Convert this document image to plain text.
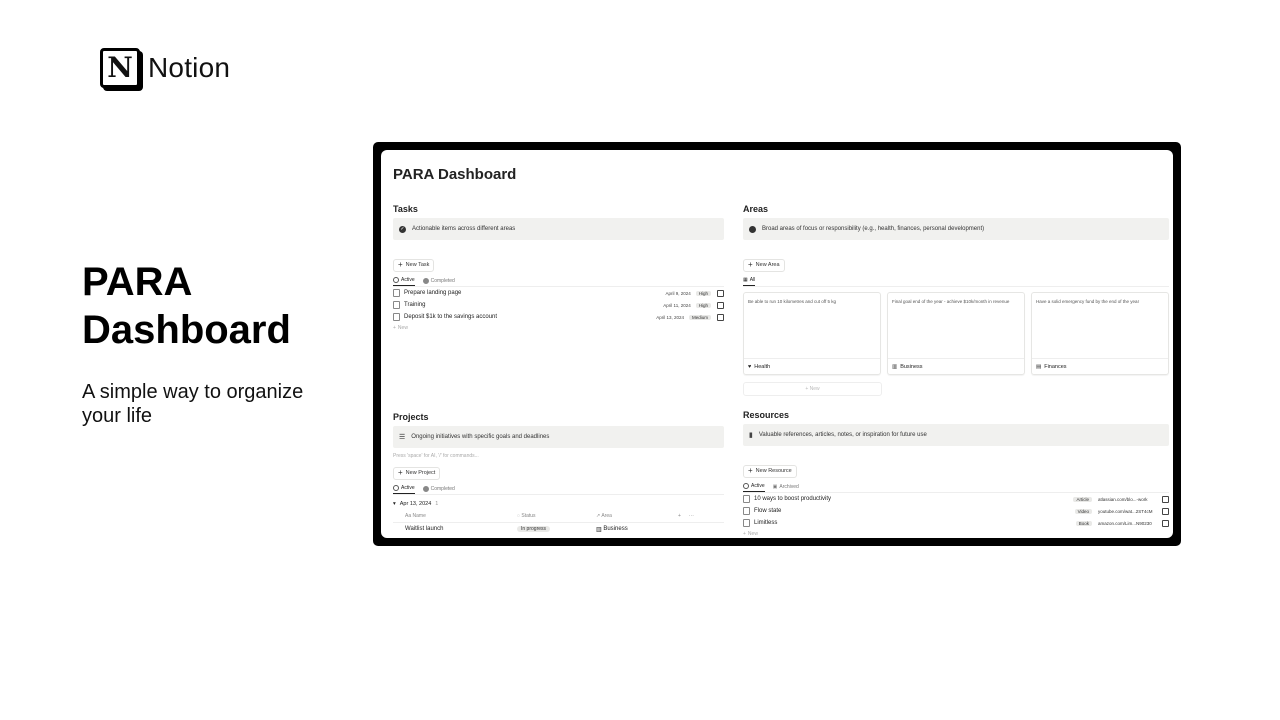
N Notion
PARA Dashboard

A simple way to organize your life

PARA Dashboard
Tasks
✓ Actionable items across different areas
+ New Task
Active	Completed
Prepare landing page	April 9, 2024	High
Training	April 11, 2024	High
Deposit $1k to the savings account	April 13, 2024	Medium
+ New
Areas
Broad areas of focus or responsibility (e.g., health, finances, personal development)
+ New Area
▦ All
Be able to run 10 kilometres and cut off 5 kg
♥ Health
Final goal end of the year - achieve $10k/month in revenue
▥ Business
Have a solid emergency fund by the end of the year
▤ Finances
+ New
Projects
☰ Ongoing initiatives with specific goals and deadlines
Press 'space' for AI, '/' for commands...
+ New Project
Active	Completed
▾ Apr 13, 2024 1
Aa Name	◌ Status	↗ Area	+ ···
Waitlist launch	In progress	▥ Business
Resources
▮ Valuable references, articles, notes, or inspiration for future use
+ New Resource
Active ▣ Archived
10 ways to boost productivity	Article	atlassian.com/blo...-work
Flow state	Video	youtube.com/wat...2ST4cM
Limitless	Book	amazon.com/Lim...N90230
+ New
